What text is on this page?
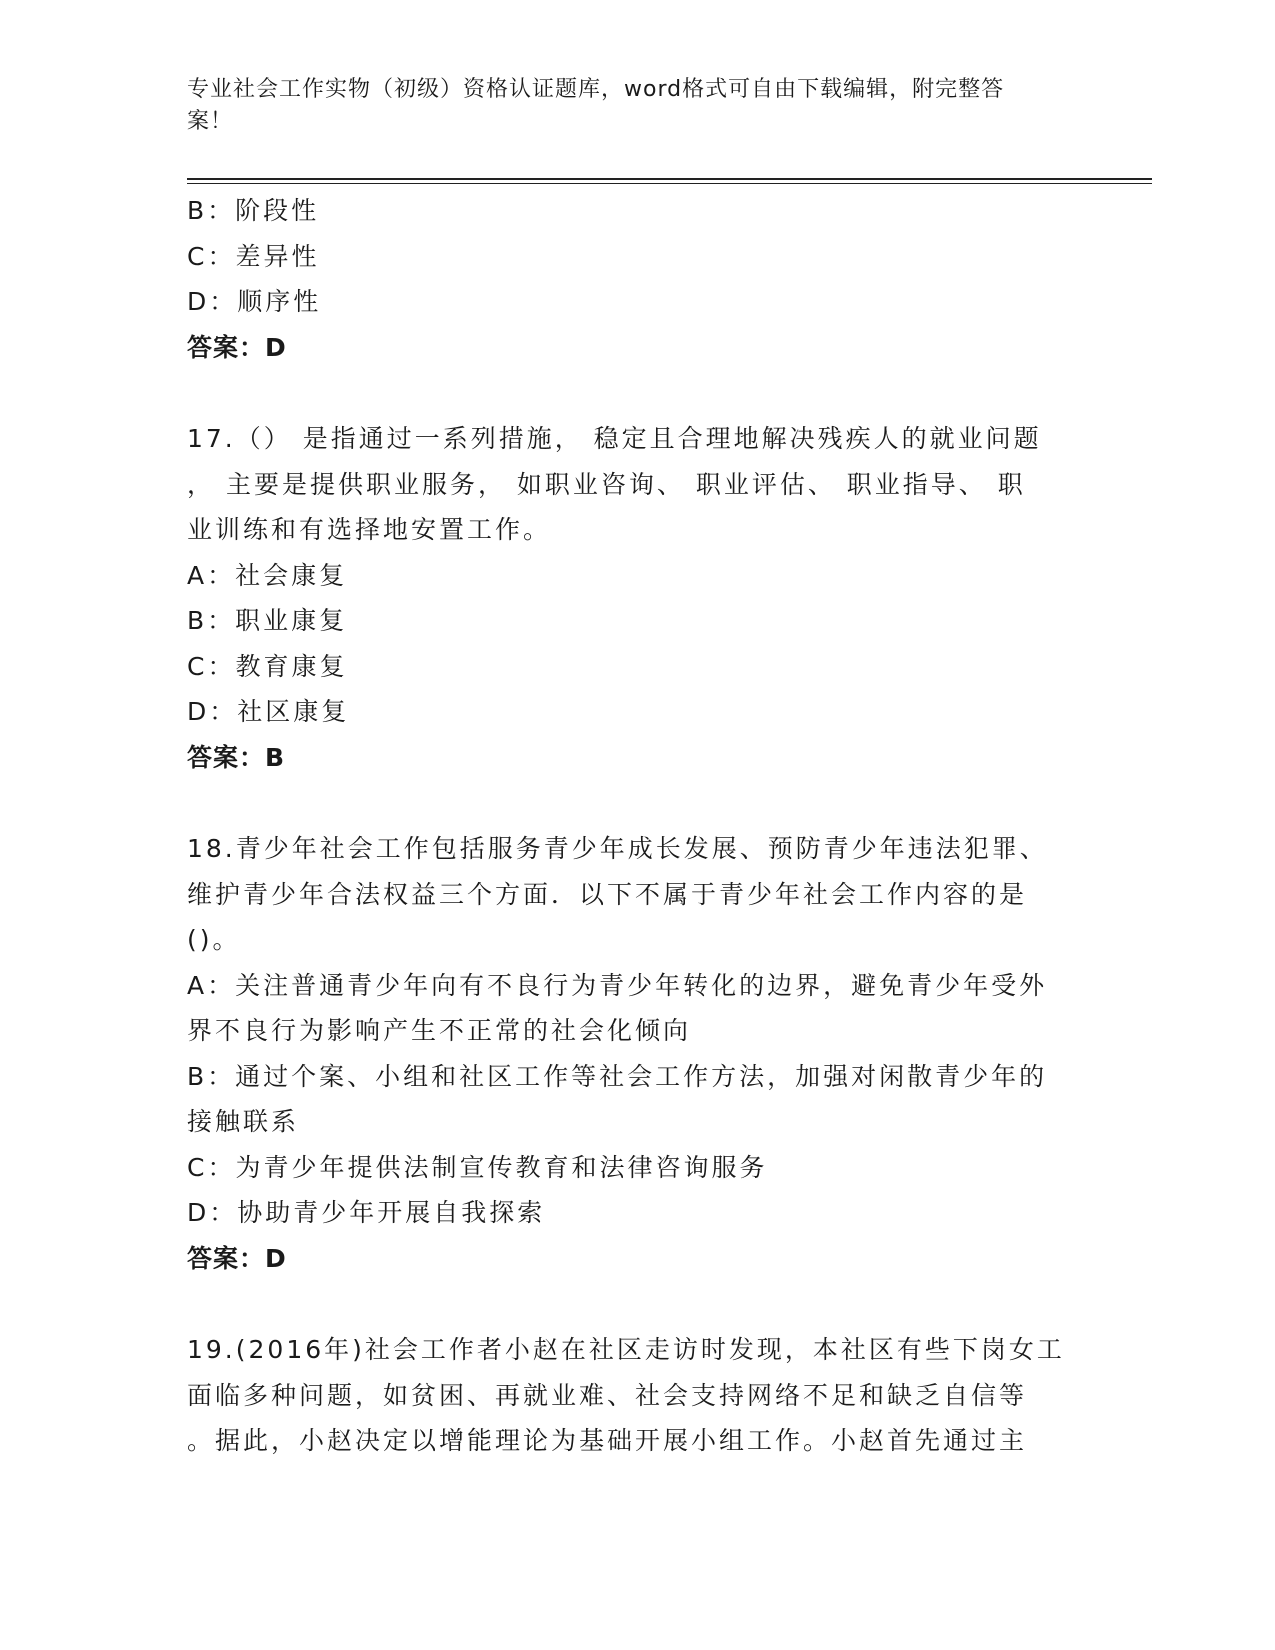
专业社会工作实物（初级）资格认证题库，word格式可自由下载编辑，附完整答
案！
B：阶段性
C：差异性
D：顺序性
答案：D
17.（） 是指通过一系列措施， 稳定且合理地解决残疾人的就业问题
， 主要是提供职业服务， 如职业咨询、 职业评估、 职业指导、 职
业训练和有选择地安置工作。
A：社会康复
B：职业康复
C：教育康复
D：社区康复
答案：B
18.青少年社会工作包括服务青少年成长发展、预防青少年违法犯罪、
维护青少年合法权益三个方面．以下不属于青少年社会工作内容的是
()。
A：关注普通青少年向有不良行为青少年转化的边界，避免青少年受外
界不良行为影响产生不正常的社会化倾向
B：通过个案、小组和社区工作等社会工作方法，加强对闲散青少年的
接触联系
C：为青少年提供法制宣传教育和法律咨询服务
D：协助青少年开展自我探索
答案：D
19.(2016年)社会工作者小赵在社区走访时发现，本社区有些下岗女工
面临多种问题，如贫困、再就业难、社会支持网络不足和缺乏自信等
。据此，小赵决定以增能理论为基础开展小组工作。小赵首先通过主
